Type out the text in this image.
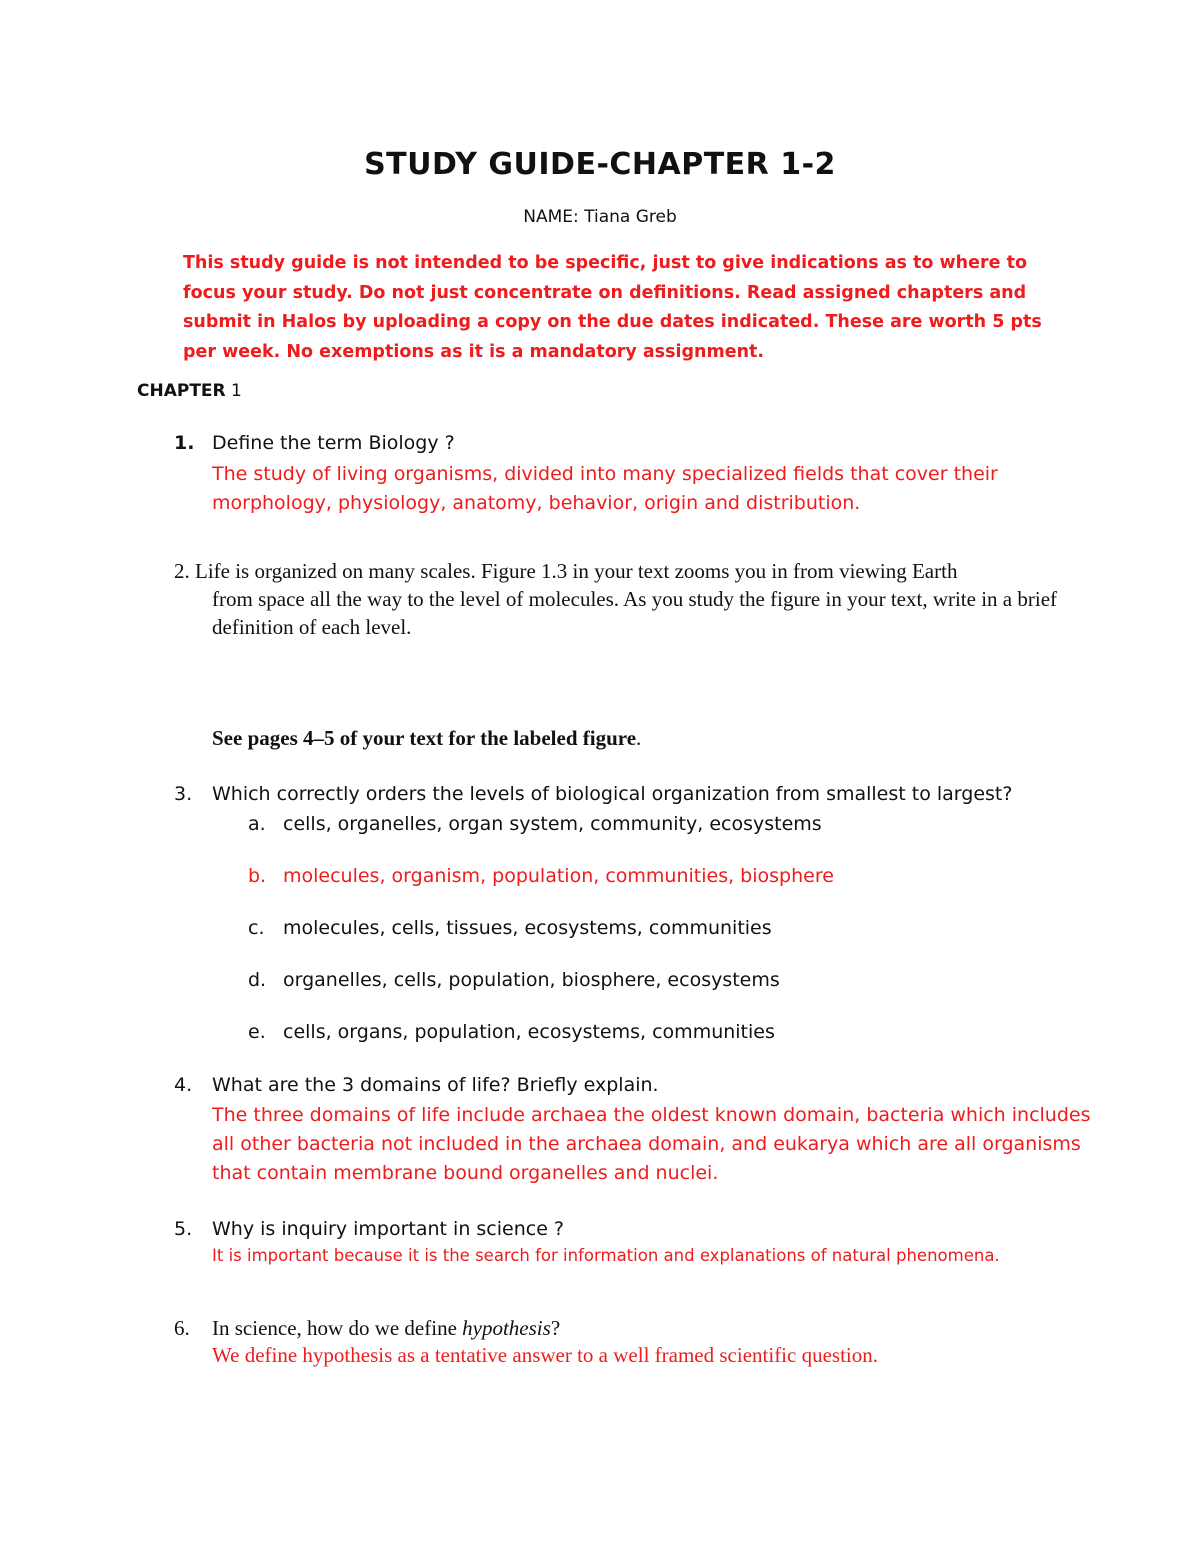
STUDY GUIDE-CHAPTER 1-2
NAME: Tiana Greb

This study guide is not intended to be specific, just to give indications as to where to focus your study. Do not just concentrate on definitions. Read assigned chapters and submit in Halos by uploading a copy on the due dates indicated. These are worth 5 pts per week. No exemptions as it is a mandatory assignment.

CHAPTER 1
1. Define the term Biology ?

The study of living organisms, divided into many specialized fields that cover their morphology, physiology, anatomy, behavior, origin and distribution.

2. Life is organized on many scales. Figure 1.3 in your text zooms you in from viewing Earth
from space all the way to the level of molecules. As you study the figure in your text, write in a brief definition of each level.
See pages 4–5 of your text for the labeled figure.
3. Which correctly orders the levels of biological organization from smallest to largest?
a. cells, organelles, organ system, community, ecosystems
b. molecules, organism, population, communities, biosphere
c. molecules, cells, tissues, ecosystems, communities
d. organelles, cells, population, biosphere, ecosystems
e. cells, organs, population, ecosystems, communities
4. What are the 3 domains of life? Briefly explain.

The three domains of life include archaea the oldest known domain, bacteria which includes all other bacteria not included in the archaea domain, and eukarya which are all organisms that contain membrane bound organelles and nuclei.

5. Why is inquiry important in science ?
It is important because it is the search for information and explanations of natural phenomena.
6. In science, how do we define hypothesis?
We define hypothesis as a tentative answer to a well framed scientific question.
